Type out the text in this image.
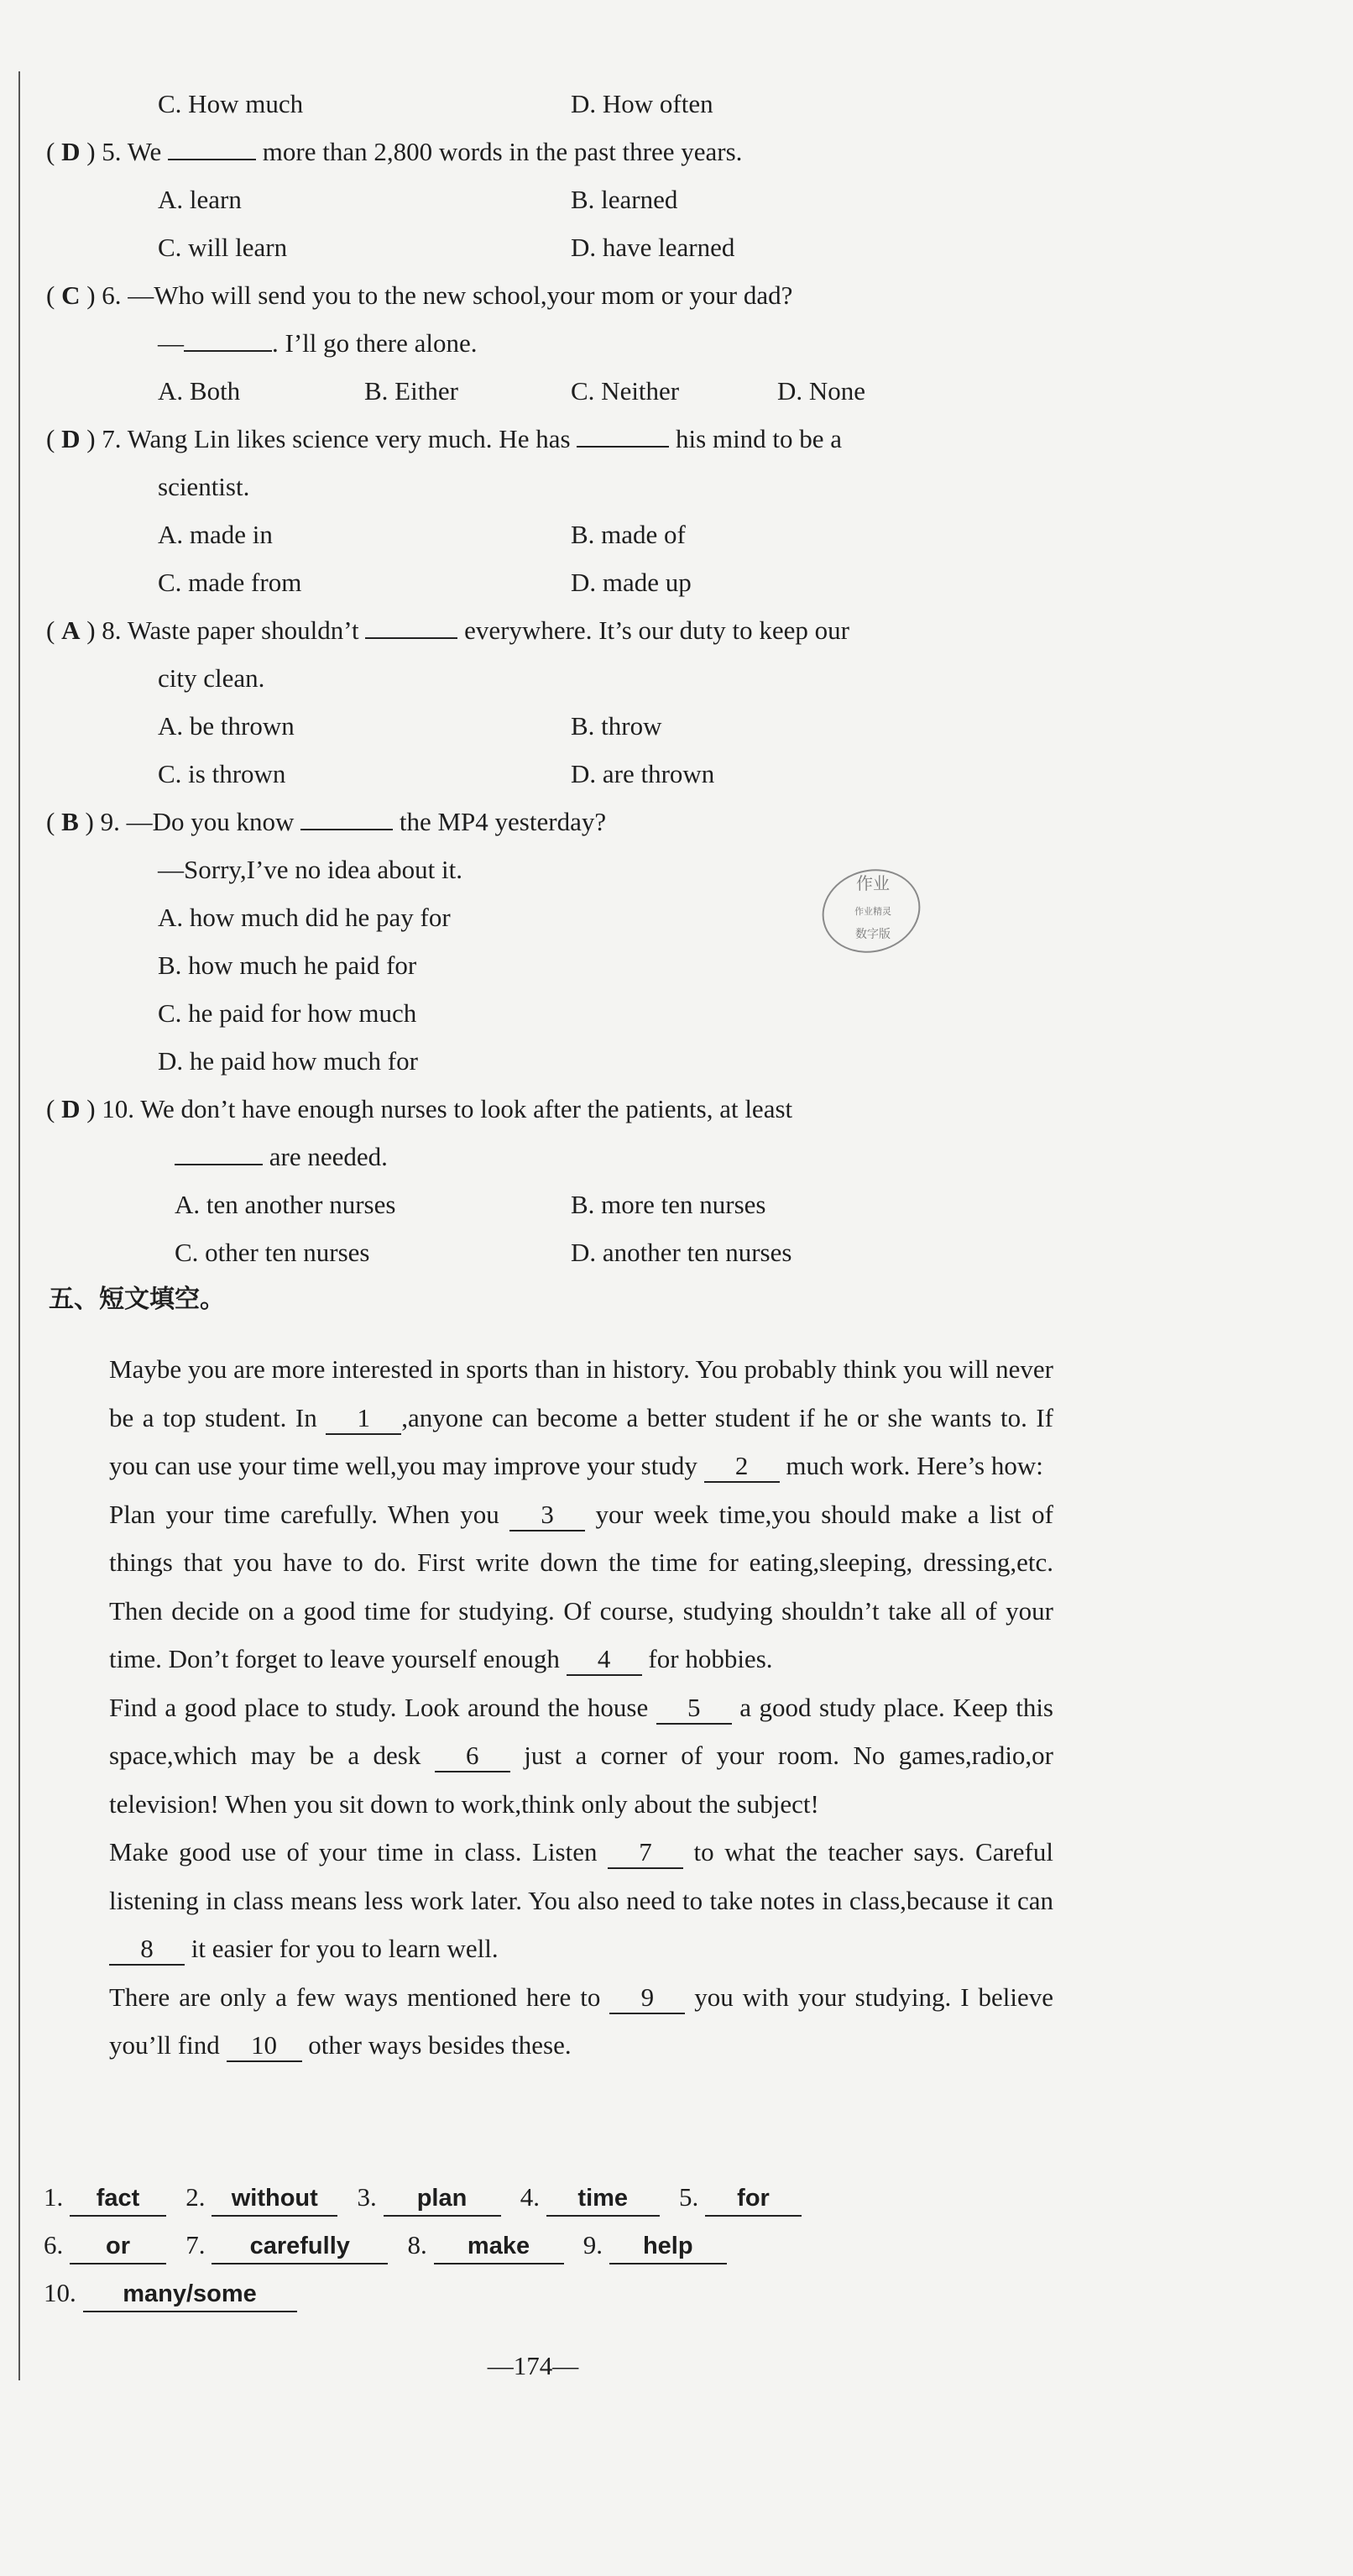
C. How much	D. How often
( D ) 5. We	more than 2,800 words in the past three years.
A. learn	B. learned
C. will learn	D. have learned
( C ) 6. —Who will send you to the new school,your mom or your dad?
—	. I’ll go there alone.
A. Both	B. Either	C. Neither	D. None
( D ) 7. Wang Lin likes science very much. He has	his mind to be a
scientist.
A. made in	B. made of
C. made from	D. made up
( A ) 8. Waste paper shouldn’t	everywhere. It’s our duty to keep our
city clean.
A. be thrown	B. throw
C. is thrown	D. are thrown
( B ) 9. —Do you know	the MP4 yesterday?
—Sorry,I’ve no idea about it.
A. how much did he pay for
B. how much he paid for
C. he paid for how much
D. he paid how much for
作业
作业精灵
数字版
( D ) 10. We don’t have enough nurses to look after the patients, at least
are needed.
A. ten another nurses	B. more ten nurses
C. other ten nurses	D. another ten nurses
五、短文填空。
Maybe you are more interested in sports than in history. You probably think you will never be a top student. In 1 ,anyone can become a better student if he or she wants to. If you can use your time well,you may improve your study 2 much work. Here’s how:
Plan your time carefully. When you 3 your week time,you should make a list of things that you have to do. First write down the time for eating,sleeping, dressing,etc. Then decide on a good time for studying. Of course, studying shouldn’t take all of your time. Don’t forget to leave yourself enough 4 for hobbies.
Find a good place to study. Look around the house 5 a good study place. Keep this space,which may be a desk 6 just a corner of your room. No games,radio,or television! When you sit down to work,think only about the subject!
Make good use of your time in class. Listen 7 to what the teacher says. Careful listening in class means less work later. You also need to take notes in class,because it can 8 it easier for you to learn well.
There are only a few ways mentioned here to 9 you with your studying. I believe you’ll find 10 other ways besides these.
1. fact 2. without 3. plan 4. time 5. for
6. or 7. carefully 8. make 9. help
10. many/some
—174—
